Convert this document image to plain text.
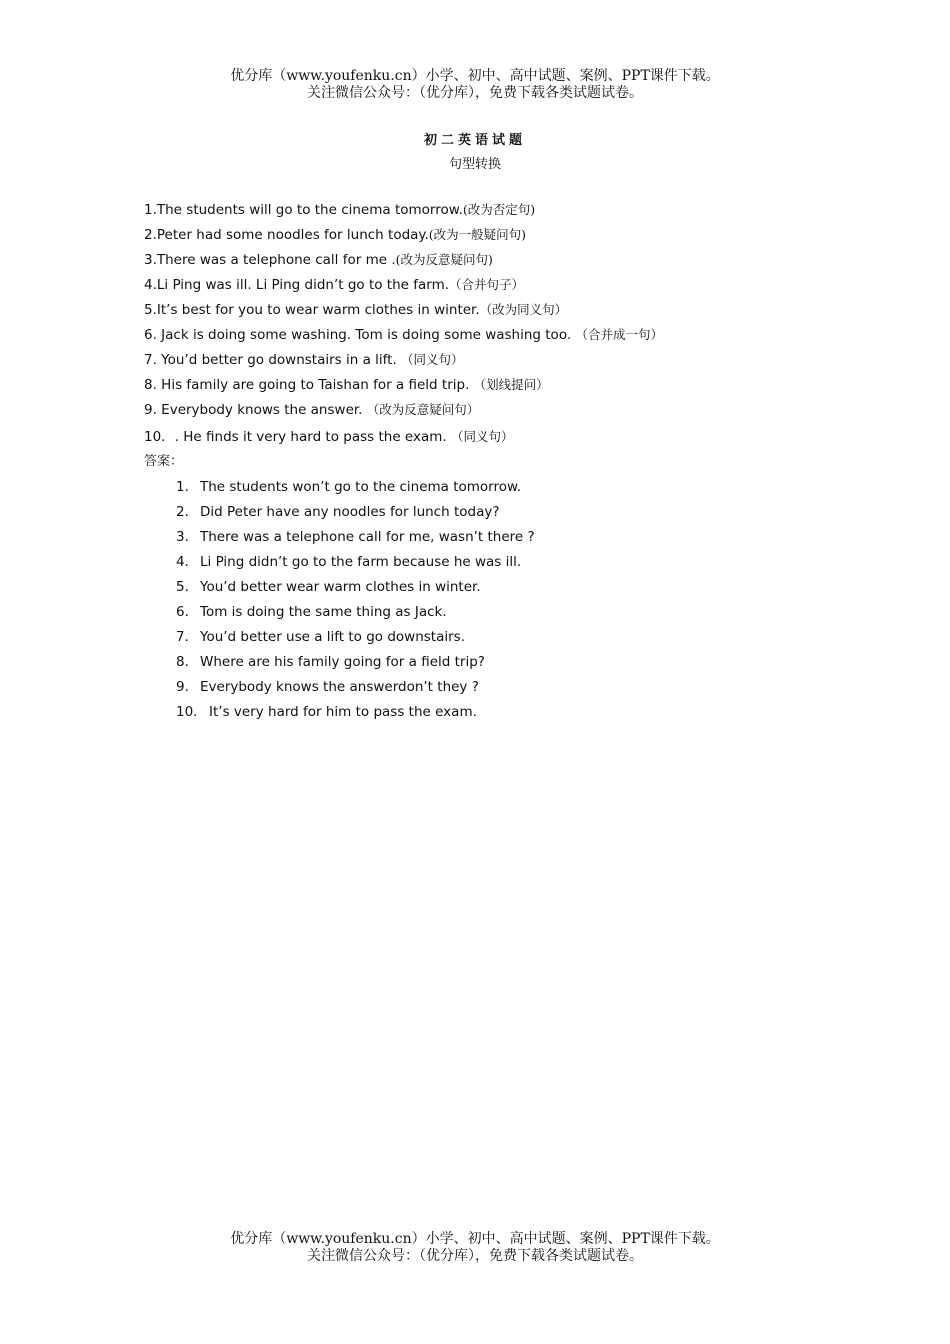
优分库（www.youfenku.cn）小学、初中、高中试题、案例、PPT课件下载。
关注微信公众号：（优分库），免费下载各类试题试卷。
初二英语试题
句型转换
1.The students will go to the cinema tomorrow.(改为否定句)
2.Peter had some noodles for lunch today.(改为一般疑问句)
3.There was a telephone call for me .(改为反意疑问句)
4.Li Ping was ill. Li Ping didn’t go to the farm.（合并句子）
5.It’s best for you to wear warm clothes in winter.（改为同义句）
6. Jack is doing some washing. Tom is doing some washing too. （合并成一句）
7. You’d better go downstairs in a lift. （同义句）
8. His family are going to Taishan for a field trip. （划线提问）
9. Everybody knows the answer. （改为反意疑问句）
10．. He finds it very hard to pass the exam. （同义句）
答案：
1． The students won’t go to the cinema tomorrow.
2． Did Peter have any noodles for lunch today?
3． There was a telephone call for me, wasn’t there ?
4． Li Ping didn’t go to the farm because he was ill.
5． You’d better wear warm clothes in winter.
6． Tom is doing the same thing as Jack.
7． You’d better use a lift to go downstairs.
8． Where are his family going for a field trip?
9． Everybody knows the answerdon’t they ?
10． It’s very hard for him to pass the exam.
优分库（www.youfenku.cn）小学、初中、高中试题、案例、PPT课件下载。
关注微信公众号：（优分库），免费下载各类试题试卷。
